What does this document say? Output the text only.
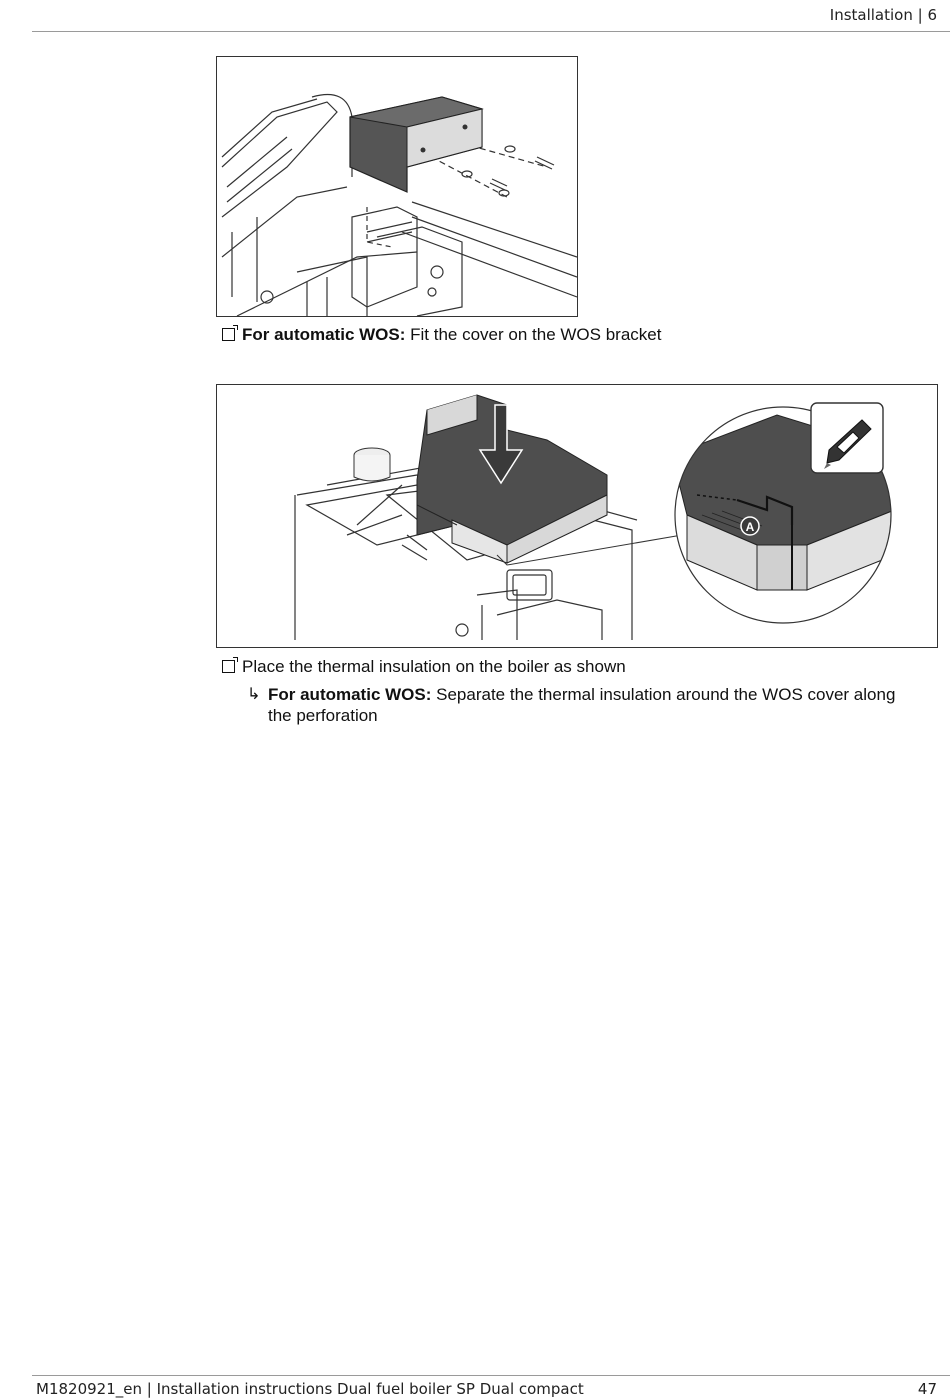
Installation | 6
For automatic WOS: Fit the cover on the WOS bracket
A
Place the thermal insulation on the boiler as shown
↳ For automatic WOS: Separate the thermal insulation around the WOS cover along the perforation
M1820921_en | Installation instructions Dual fuel boiler SP Dual compact	47
